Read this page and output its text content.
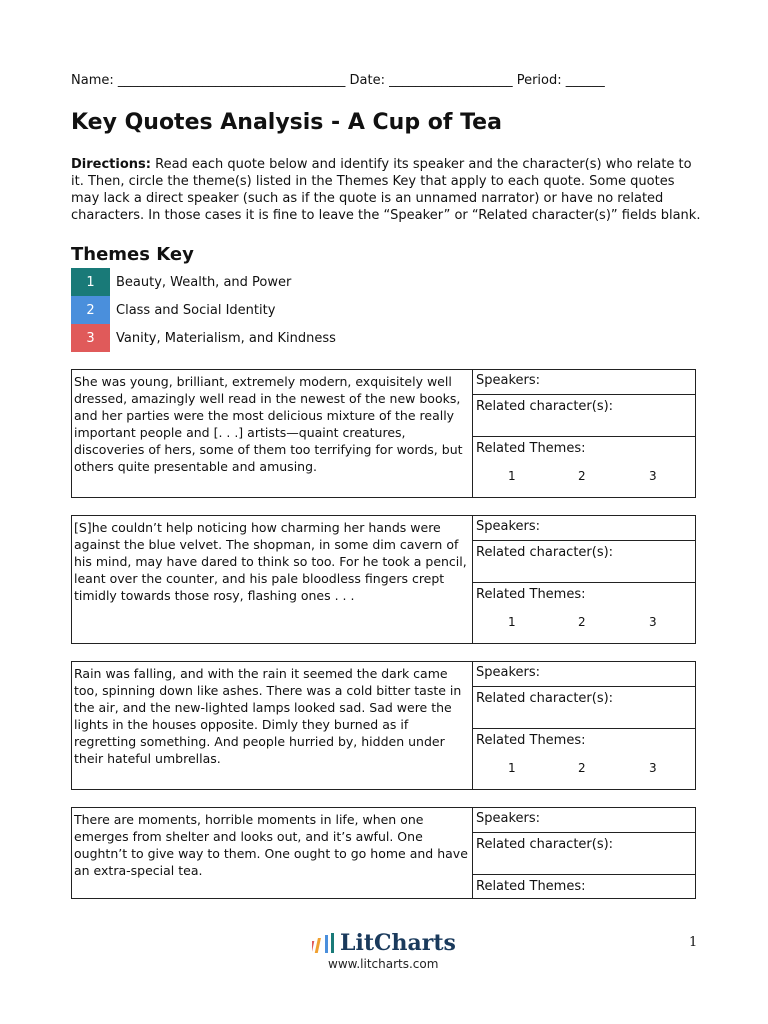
Name: ___________________________________ Date: ___________________ Period: ______
Key Quotes Analysis - A Cup of Tea
Directions: Read each quote below and identify its speaker and the character(s) who relate to it. Then, circle the theme(s) listed in the Themes Key that apply to each quote. Some quotes may lack a direct speaker (such as if the quote is an unnamed narrator) or have no related characters. In those cases it is fine to leave the “Speaker” or “Related character(s)” fields blank.
Themes Key
1	Beauty, Wealth, and Power
2	Class and Social Identity
3	Vanity, Materialism, and Kindness
She was young, brilliant, extremely modern, exquisitely well dressed, amazingly well read in the newest of the new books, and her parties were the most delicious mixture of the really important people and [. . .] artists—quaint creatures, discoveries of hers, some of them too terrifying for words, but others quite presentable and amusing.
Speakers:
Related character(s):
Related Themes:
1	2	3
[S]he couldn’t help noticing how charming her hands were against the blue velvet. The shopman, in some dim cavern of his mind, may have dared to think so too. For he took a pencil, leant over the counter, and his pale bloodless fingers crept timidly towards those rosy, flashing ones . . .
Speakers:
Related character(s):
Related Themes:
1	2	3
Rain was falling, and with the rain it seemed the dark came too, spinning down like ashes. There was a cold bitter taste in the air, and the new-lighted lamps looked sad. Sad were the lights in the houses opposite. Dimly they burned as if regretting something. And people hurried by, hidden under their hateful umbrellas.
Speakers:
Related character(s):
Related Themes:
1	2	3
There are moments, horrible moments in life, when one emerges from shelter and looks out, and it’s awful. One oughtn’t to give way to them. One ought to go home and have an extra-special tea.
Speakers:
Related character(s):
Related Themes:
LitCharts
www.litcharts.com
1
